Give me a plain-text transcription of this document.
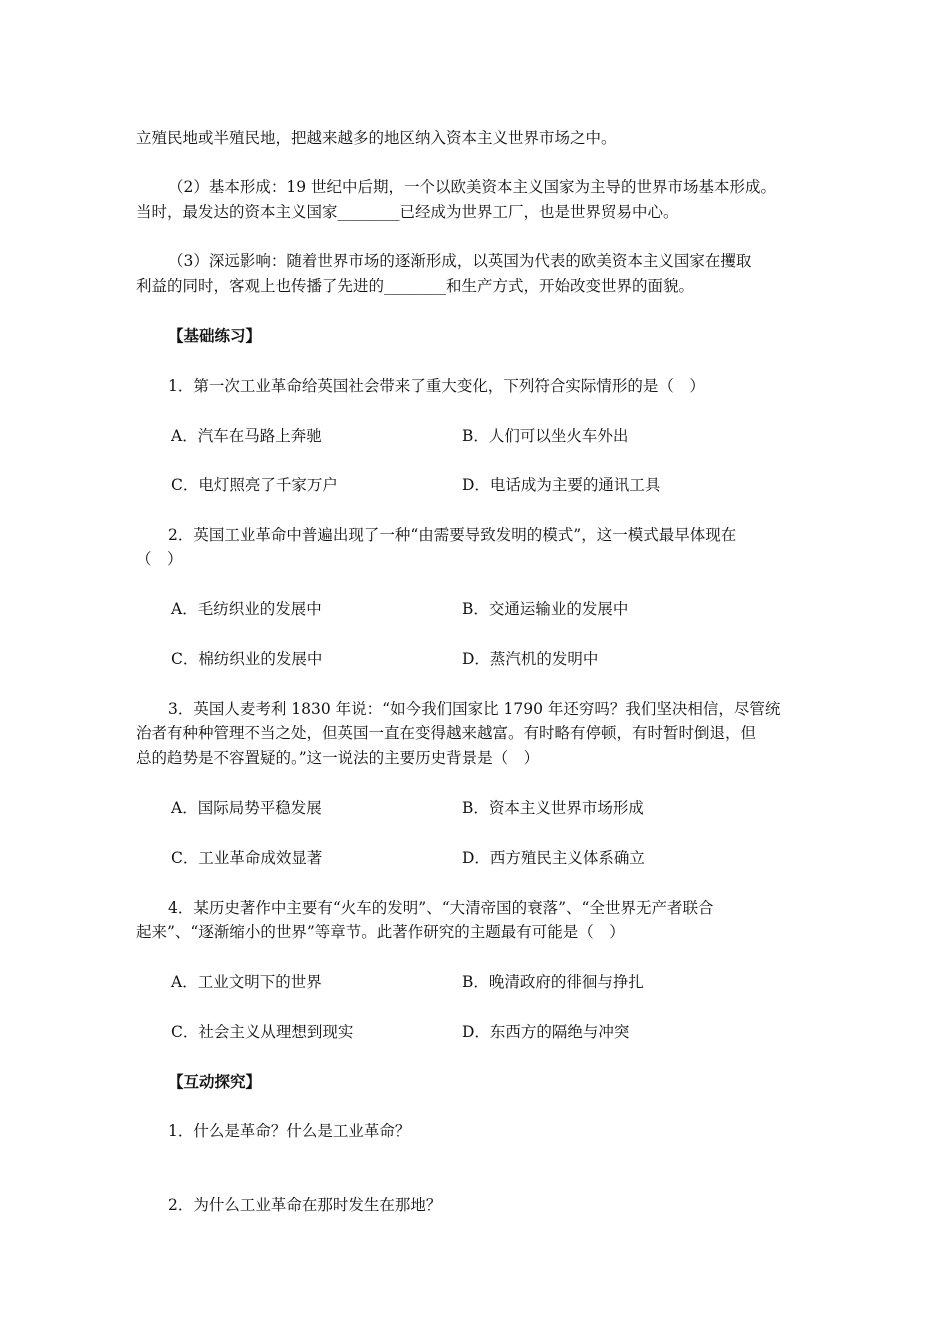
立殖民地或半殖民地，把越来越多的地区纳入资本主义世界市场之中。
（2）基本形成：19 世纪中后期，一个以欧美资本主义国家为主导的世界市场基本形成。
当时，最发达的资本主义国家________已经成为世界工厂，也是世界贸易中心。
（3）深远影响：随着世界市场的逐渐形成，以英国为代表的欧美资本主义国家在攫取
利益的同时，客观上也传播了先进的________和生产方式，开始改变世界的面貌。
【基础练习】
1．第一次工业革命给英国社会带来了重大变化，下列符合实际情形的是（　）
A．汽车在马路上奔驰	B．人们可以坐火车外出
C．电灯照亮了千家万户	D．电话成为主要的通讯工具
2．英国工业革命中普遍出现了一种“由需要导致发明的模式”，这一模式最早体现在
（　）
A．毛纺织业的发展中	B．交通运输业的发展中
C．棉纺织业的发展中	D．蒸汽机的发明中
3．英国人麦考利 1830 年说：“如今我们国家比 1790 年还穷吗？我们坚决相信，尽管统
治者有种种管理不当之处，但英国一直在变得越来越富。有时略有停顿，有时暂时倒退，但
总的趋势是不容置疑的。”这一说法的主要历史背景是（　）
A．国际局势平稳发展	B．资本主义世界市场形成
C．工业革命成效显著	D．西方殖民主义体系确立
4．某历史著作中主要有“火车的发明”、“大清帝国的衰落”、“全世界无产者联合
起来”、“逐渐缩小的世界”等章节。此著作研究的主题最有可能是（　）
A．工业文明下的世界	B．晚清政府的徘徊与挣扎
C．社会主义从理想到现实	D．东西方的隔绝与冲突
【互动探究】
1．什么是革命？什么是工业革命？
2．为什么工业革命在那时发生在那地？
